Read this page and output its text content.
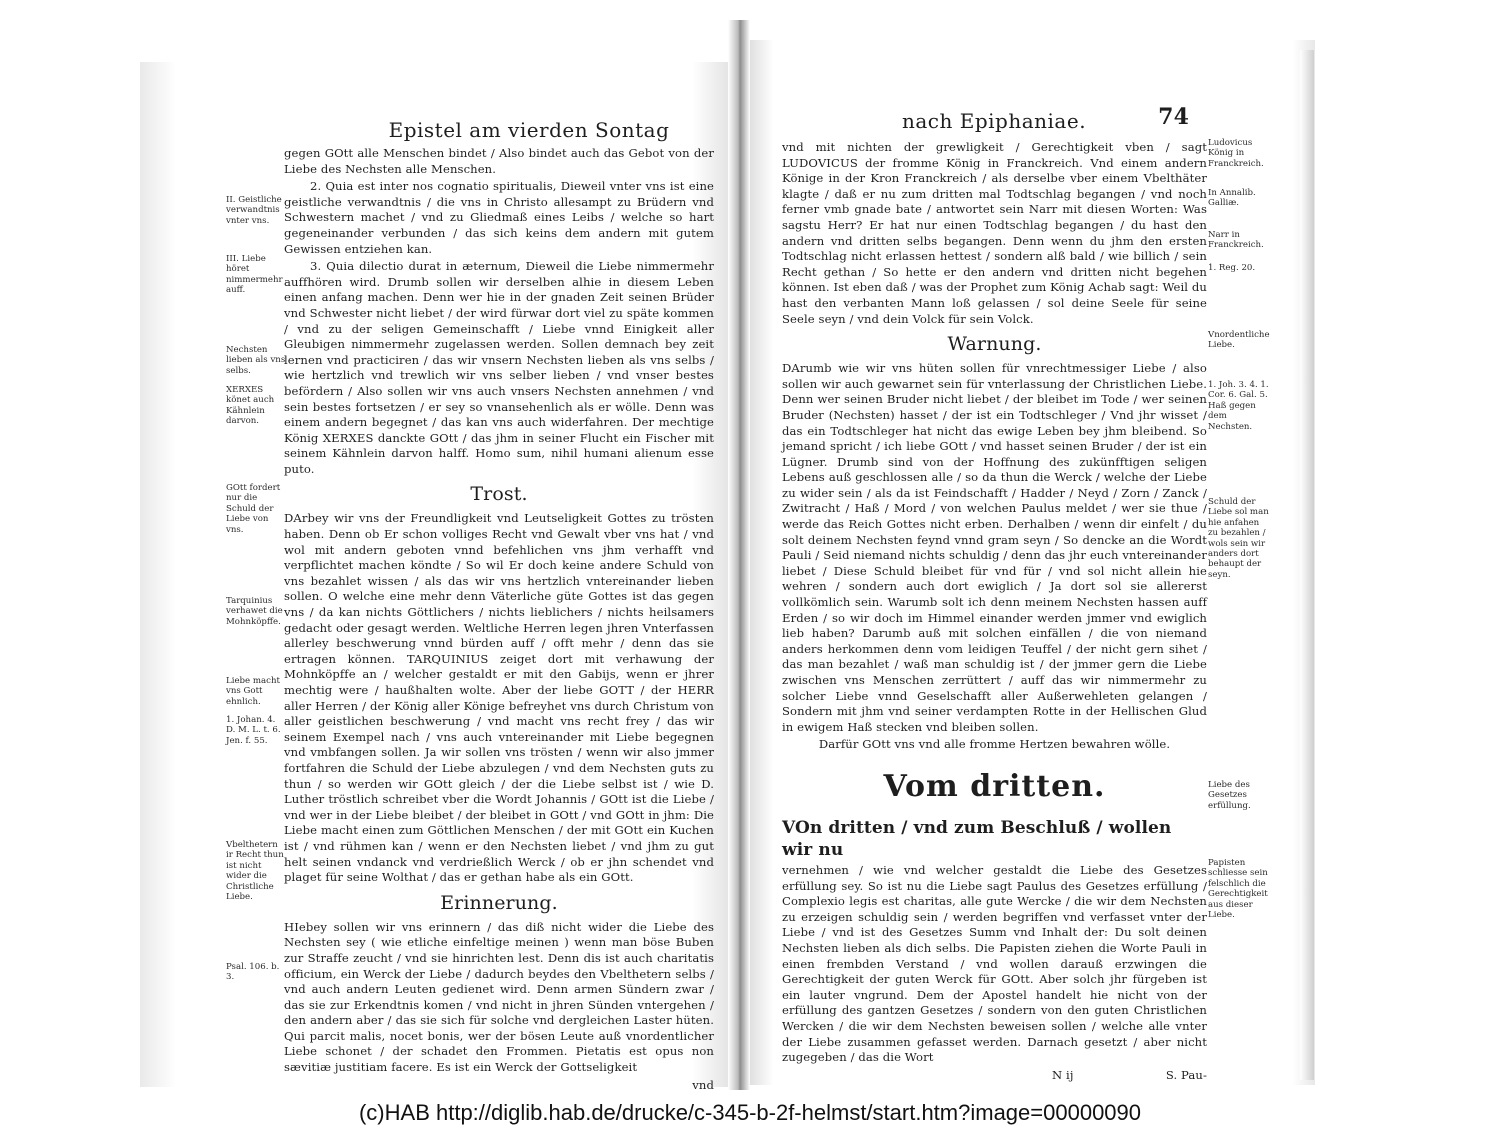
Epistel am vierden Sontag

gegen GOtt alle Menschen bindet / Also bindet auch das Gebot von der Liebe des Nechsten alle Menschen.

2. Quia est inter nos cognatio spiritualis, Dieweil vnter vns ist eine geistliche verwandtnis / die vns in Christo allesampt zu Brüdern vnd Schwestern machet / vnd zu Gliedmaß eines Leibs / welche so hart gegeneinander verbunden / das sich keins dem andern mit gutem Gewissen entziehen kan.

3. Quia dilectio durat in æternum, Dieweil die Liebe nimmermehr auffhören wird. Drumb sollen wir derselben alhie in diesem Leben einen anfang machen. Denn wer hie in der gnaden Zeit seinen Brüder vnd Schwester nicht liebet / der wird fürwar dort viel zu späte kommen / vnd zu der seligen Gemeinschafft / Liebe vnnd Einigkeit aller Gleubigen nimmermehr zugelassen werden. Sollen demnach bey zeit lernen vnd practiciren / das wir vnsern Nechsten lieben als vns selbs / wie hertzlich vnd trewlich wir vns selber lieben / vnd vnser bestes befördern / Also sollen wir vns auch vnsers Nechsten annehmen / vnd sein bestes fortsetzen / er sey so vnansehenlich als er wölle. Denn was einem andern begegnet / das kan vns auch widerfahren. Der mechtige König XERXES danckte GOtt / das jhm in seiner Flucht ein Fischer mit seinem Kähnlein darvon halff. Homo sum, nihil humani alienum esse puto.

Trost.

DArbey wir vns der Freundligkeit vnd Leutseligkeit Gottes zu trösten haben. Denn ob Er schon volliges Recht vnd Gewalt vber vns hat / vnd wol mit andern geboten vnnd befehlichen vns jhm verhafft vnd verpflichtet machen köndte / So wil Er doch keine andere Schuld von vns bezahlet wissen / als das wir vns hertzlich vntereinander lieben sollen. O welche eine mehr denn Väterliche güte Gottes ist das gegen vns / da kan nichts Göttlichers / nichts lieblichers / nichts heilsamers gedacht oder gesagt werden. Weltliche Herren legen jhren Vnterfassen allerley beschwerung vnnd bürden auff / offt mehr / denn das sie ertragen können. TARQUINIUS zeiget dort mit verhawung der Mohnköpffe an / welcher gestaldt er mit den Gabijs, wenn er jhrer mechtig were / haußhalten wolte. Aber der liebe GOTT / der HERR aller Herren / der König aller Könige befreyhet vns durch Christum von aller geistlichen beschwerung / vnd macht vns recht frey / das wir seinem Exempel nach / vns auch vntereinander mit Liebe begegnen vnd vmbfangen sollen. Ja wir sollen vns trösten / wenn wir also jmmer fortfahren die Schuld der Liebe abzulegen / vnd dem Nechsten guts zu thun / so werden wir GOtt gleich / der die Liebe selbst ist / wie D. Luther tröstlich schreibet vber die Wordt Johannis / GOtt ist die Liebe / vnd wer in der Liebe bleibet / der bleibet in GOtt / vnd GOtt in jhm: Die Liebe macht einen zum Göttlichen Menschen / der mit GOtt ein Kuchen ist / vnd rühmen kan / wenn er den Nechsten liebet / vnd jhm zu gut helt seinen vndanck vnd verdrießlich Werck / ob er jhn schendet vnd plaget für seine Wolthat / das er gethan habe als ein GOtt.

Erinnerung.

HIebey sollen wir vns erinnern / das diß nicht wider die Liebe des Nechsten sey ( wie etliche einfeltige meinen ) wenn man böse Buben zur Straffe zeucht / vnd sie hinrichten lest. Denn dis ist auch charitatis officium, ein Werck der Liebe / dadurch beydes den Vbelthetern selbs / vnd auch andern Leuten gedienet wird. Denn armen Sündern zwar / das sie zur Erkendtnis komen / vnd nicht in jhren Sünden vntergehen / den andern aber / das sie sich für solche vnd dergleichen Laster hüten. Qui parcit malis, nocet bonis, wer der bösen Leute auß vnordentlicher Liebe schonet / der schadet den Frommen. Pietatis est opus non sævitiæ justitiam facere. Es ist ein Werck der Gottseligkeit

vnd
II. Geistliche verwandtnis vnter vns.
III. Liebe höret nimmermehr auff.
Nechsten lieben als vns selbs.
XERXES könet auch Kähnlein darvon.
GOtt fordert nur die Schuld der Liebe von vns.
Tarquinius verhawet die Mohnköpffe.
Liebe macht vns Gott ehnlich.
1. Johan. 4. D. M. L. t. 6. Jen. f. 55.
Vbelthetern ir Recht thun ist nicht wider die Christliche Liebe.
Psal. 106. b. 3.
nach Epiphaniae.	74

vnd mit nichten der grewligkeit / Gerechtigkeit vben / sagt LUDOVICUS der fromme König in Franckreich. Vnd einem andern Könige in der Kron Franckreich / als derselbe vber einem Vbelthäter klagte / daß er nu zum dritten mal Todtschlag begangen / vnd noch ferner vmb gnade bate / antwortet sein Narr mit diesen Worten: Was sagstu Herr? Er hat nur einen Todtschlag begangen / du hast den andern vnd dritten selbs begangen. Denn wenn du jhm den ersten Todtschlag nicht erlassen hettest / sondern alß bald / wie billich / sein Recht gethan / So hette er den andern vnd dritten nicht begehen können. Ist eben daß / was der Prophet zum König Achab sagt: Weil du hast den verbanten Mann loß gelassen / sol deine Seele für seine Seele seyn / vnd dein Volck für sein Volck.

Warnung.

DArumb wie wir vns hüten sollen für vnrechtmessiger Liebe / also sollen wir auch gewarnet sein für vnterlassung der Christlichen Liebe. Denn wer seinen Bruder nicht liebet / der bleibet im Tode / wer seinen Bruder (Nechsten) hasset / der ist ein Todtschleger / Vnd jhr wisset / das ein Todtschleger hat nicht das ewige Leben bey jhm bleibend. So jemand spricht / ich liebe GOtt / vnd hasset seinen Bruder / der ist ein Lügner. Drumb sind von der Hoffnung des zukünfftigen seligen Lebens auß geschlossen alle / so da thun die Werck / welche der Liebe zu wider sein / als da ist Feindschafft / Hadder / Neyd / Zorn / Zanck / Zwitracht / Haß / Mord / von welchen Paulus meldet / wer sie thue / werde das Reich Gottes nicht erben. Derhalben / wenn dir einfelt / du solt deinem Nechsten feynd vnnd gram seyn / So dencke an die Wordt Pauli / Seid niemand nichts schuldig / denn das jhr euch vntereinander liebet / Diese Schuld bleibet für vnd für / vnd sol nicht allein hie wehren / sondern auch dort ewiglich / Ja dort sol sie allererst vollkömlich sein. Warumb solt ich denn meinem Nechsten hassen auff Erden / so wir doch im Himmel einander werden jmmer vnd ewiglich lieb haben? Darumb auß mit solchen einfällen / die von niemand anders herkommen denn vom leidigen Teuffel / der nicht gern sihet / das man bezahlet / waß man schuldig ist / der jmmer gern die Liebe zwischen vns Menschen zerrüttert / auff das wir nimmermehr zu solcher Liebe vnnd Geselschafft aller Außerwehleten gelangen / Sondern mit jhm vnd seiner verdampten Rotte in der Hellischen Glud in ewigem Haß stecken vnd bleiben sollen.

Darfür GOtt vns vnd alle fromme Hertzen bewahren wölle.
Vom dritten.
VOn dritten / vnd zum Beschluß / wollen wir nu

vernehmen / wie vnd welcher gestaldt die Liebe des Gesetzes erfüllung sey. So ist nu die Liebe sagt Paulus des Gesetzes erfüllung / Complexio legis est charitas, alle gute Wercke / die wir dem Nechsten zu erzeigen schuldig sein / werden begriffen vnd verfasset vnter der Liebe / vnd ist des Gesetzes Summ vnd Inhalt der: Du solt deinen Nechsten lieben als dich selbs. Die Papisten ziehen die Worte Pauli in einen frembden Verstand / vnd wollen darauß erzwingen die Gerechtigkeit der guten Werck für GOtt. Aber solch jhr fürgeben ist ein lauter vngrund. Dem der Apostel handelt hie nicht von der erfüllung des gantzen Gesetzes / sondern von den guten Christlichen Wercken / die wir dem Nechsten beweisen sollen / welche alle vnter der Liebe zusammen gefasset werden. Darnach gesetzt / aber nicht zugegeben / das die Wort

N ij	S. Pau-
Ludovicus König in Franckreich.
In Annalib. Galliæ.
Narr in Franckreich.
1. Reg. 20.
Vnordentliche Liebe.
1. Joh. 3. 4. 1. Cor. 6. Gal. 5. Haß gegen dem Nechsten.
Schuld der Liebe sol man hie anfahen zu bezahlen / wols sein wir anders dort behaupt der seyn.
Liebe des Gesetzes erfüllung.
Papisten schliesse sein felschlich die Gerechtigkeit aus dieser Liebe.
(c)HAB http://diglib.hab.de/drucke/c-345-b-2f-helmst/start.htm?image=00000090
